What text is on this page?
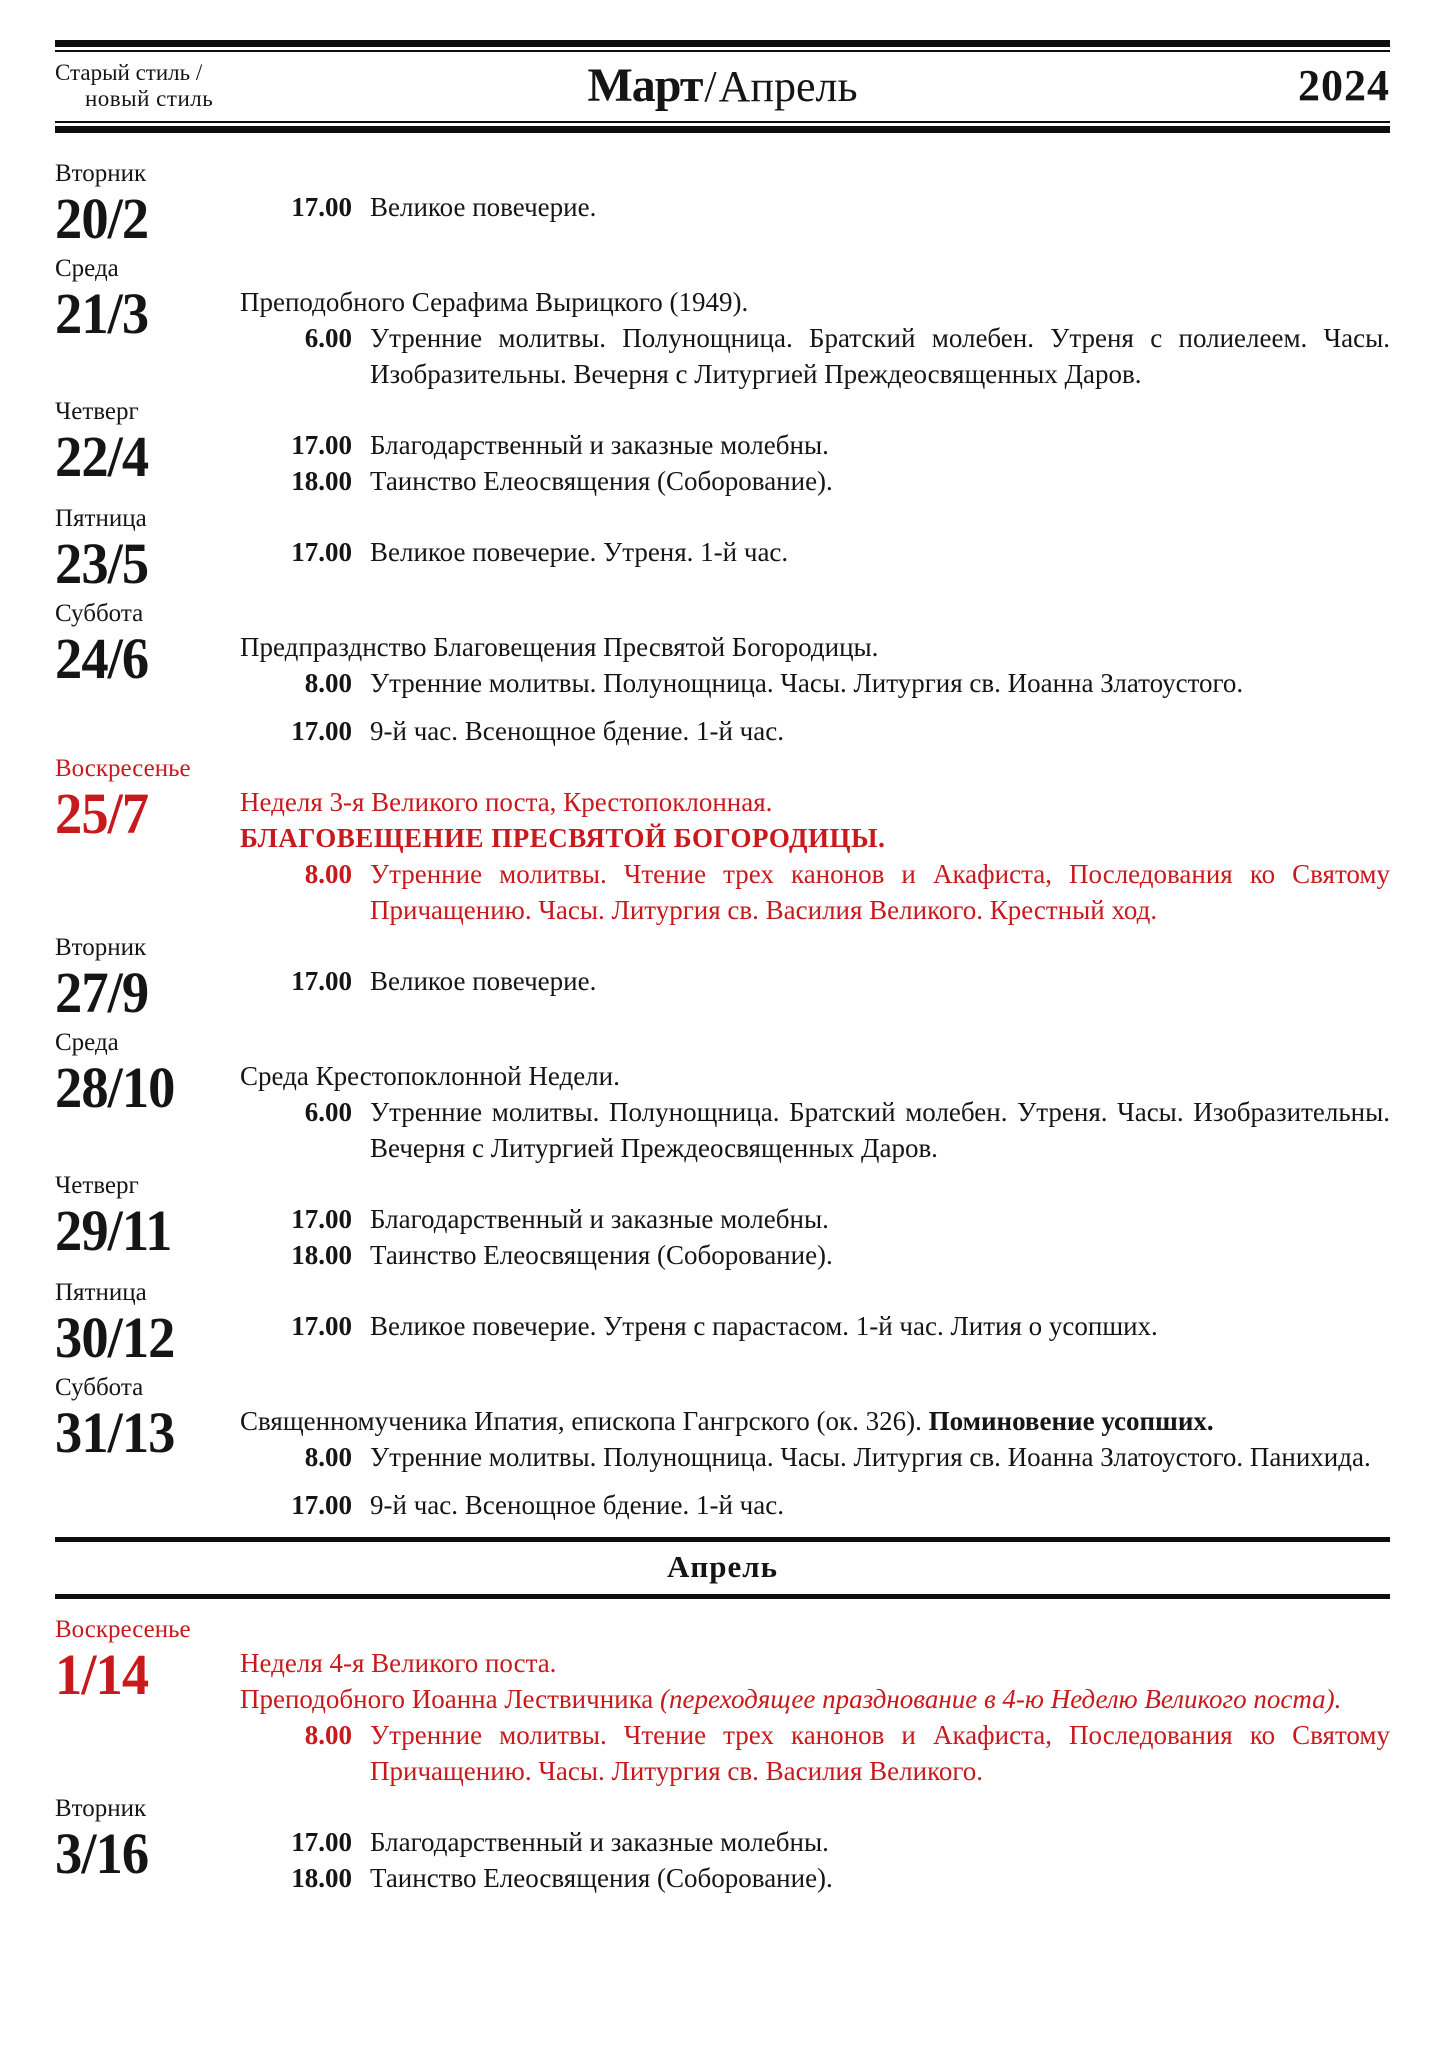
Старый стиль /
новый стиль	Март/Апрель	2024
Вторник
20/2	17.00 Великое повечерие.
Среда
21/3	Преподобного Серафима Вырицкого (1949).
6.00 Утренние молитвы. Полунощница. Братский молебен. Утреня с полиелеем. Часы. Изобразительны. Вечерня с Литургией Преждеосвященных Даров.
Четверг
22/4	17.00 Благодарственный и заказные молебны.
18.00 Таинство Елеосвящения (Соборование).
Пятница
23/5	17.00 Великое повечерие. Утреня. 1-й час.
Суббота
24/6	Предпразднство Благовещения Пресвятой Богородицы.
8.00 Утренние молитвы. Полунощница. Часы. Литургия св. Иоанна Златоустого.
17.00 9-й час. Всенощное бдение. 1-й час.
Воскресенье
25/7	Неделя 3-я Великого поста, Крестопоклонная.
БЛАГОВЕЩЕНИЕ ПРЕСВЯТОЙ БОГОРОДИЦЫ.
8.00 Утренние молитвы. Чтение трех канонов и Акафиста, Последования ко Святому Причащению. Часы. Литургия св. Василия Великого. Крестный ход.
Вторник
27/9	17.00 Великое повечерие.
Среда
28/10	Среда Крестопоклонной Недели.
6.00 Утренние молитвы. Полунощница. Братский молебен. Утреня. Часы. Изобразительны. Вечерня с Литургией Преждеосвященных Даров.
Четверг
29/11	17.00 Благодарственный и заказные молебны.
18.00 Таинство Елеосвящения (Соборование).
Пятница
30/12	17.00 Великое повечерие. Утреня с парастасом. 1-й час. Лития о усопших.
Суббота
31/13	Священномученика Ипатия, епископа Гангрского (ок. 326). Поминовение усопших.
8.00 Утренние молитвы. Полунощница. Часы. Литургия св. Иоанна Златоустого. Панихида.
17.00 9-й час. Всенощное бдение. 1-й час.
Апрель
Воскресенье
1/14	Неделя 4-я Великого поста.
Преподобного Иоанна Лествичника (переходящее празднование в 4-ю Неделю Великого поста).
8.00 Утренние молитвы. Чтение трех канонов и Акафиста, Последования ко Святому Причащению. Часы. Литургия св. Василия Великого.
Вторник
3/16	17.00 Благодарственный и заказные молебны.
18.00 Таинство Елеосвящения (Соборование).
